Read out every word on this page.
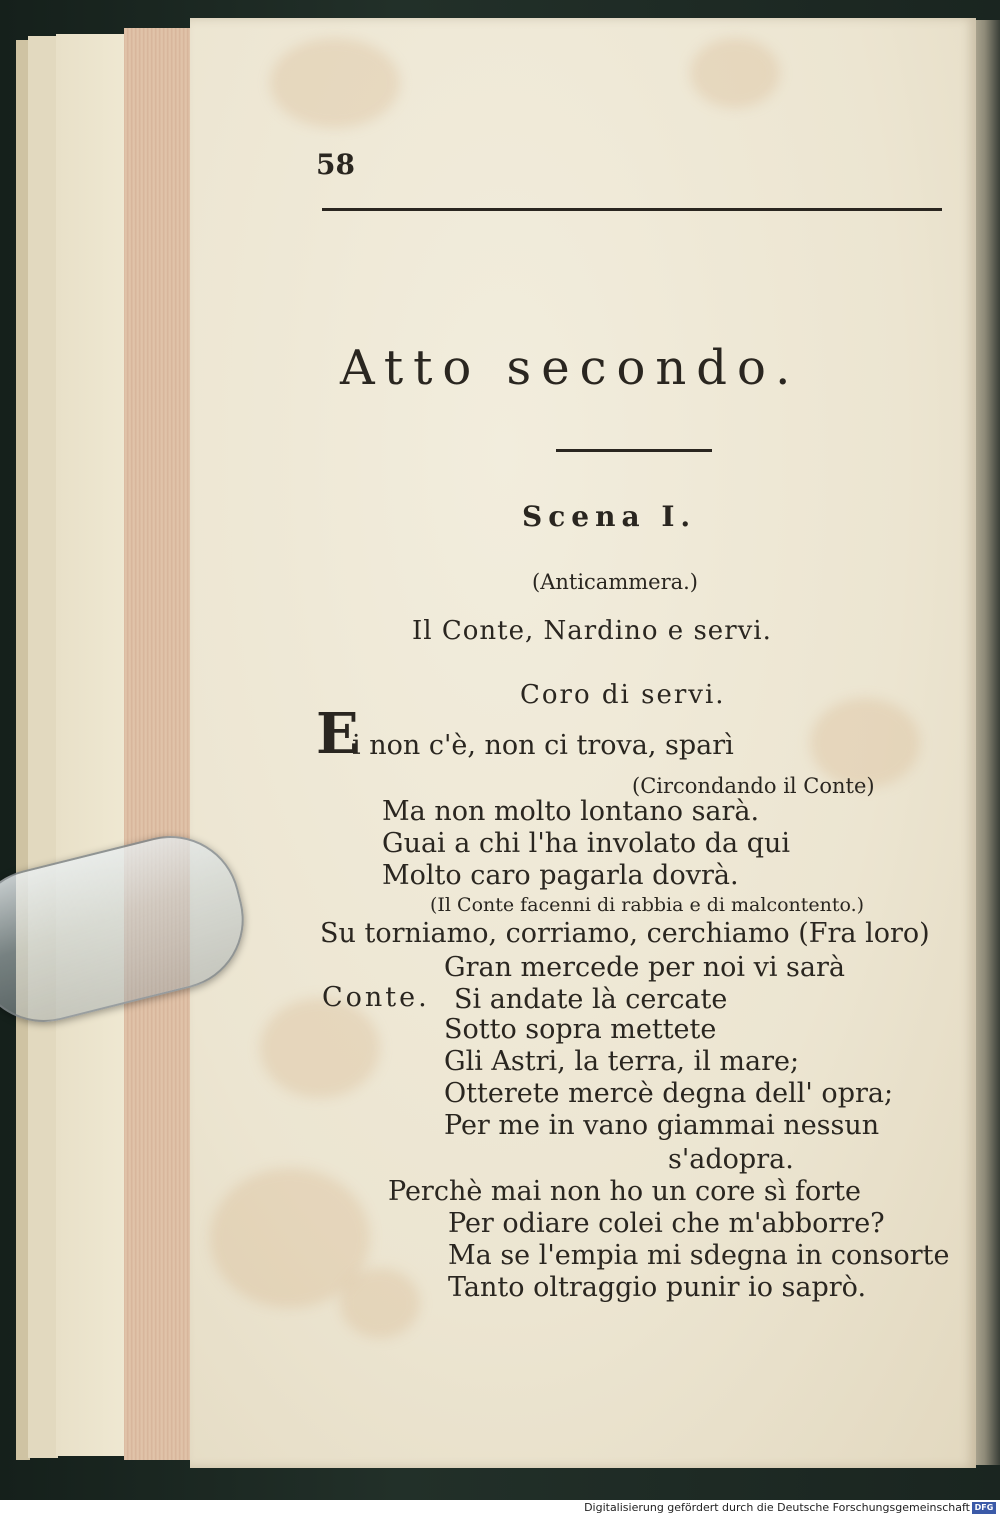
58
Atto secondo.
Scena I.
(Anticammera.)
Il Conte, Nardino e servi.
Coro di servi.
E
i non c'è, non ci trova, sparì
(Circondando il Conte)
Ma non molto lontano sarà.
Guai a chi l'ha involato da qui
Molto caro pagarla dovrà.
(Il Conte facenni di rabbia e di malcontento.)
Su torniamo, corriamo, cerchiamo (Fra loro)
Gran mercede per noi vi sarà
Conte. Si andate là cercate
Sotto sopra mettete
Gli Astri, la terra, il mare;
Otterete mercè degna dell' opra;
Per me in vano giammai nessun
s'adopra.
Perchè mai non ho un core sì forte
Per odiare colei che m'abborre?
Ma se l'empia mi sdegna in consorte
Tanto oltraggio punir io saprò.
Digitalisierung gefördert durch die Deutsche Forschungsgemeinschaft DFG
